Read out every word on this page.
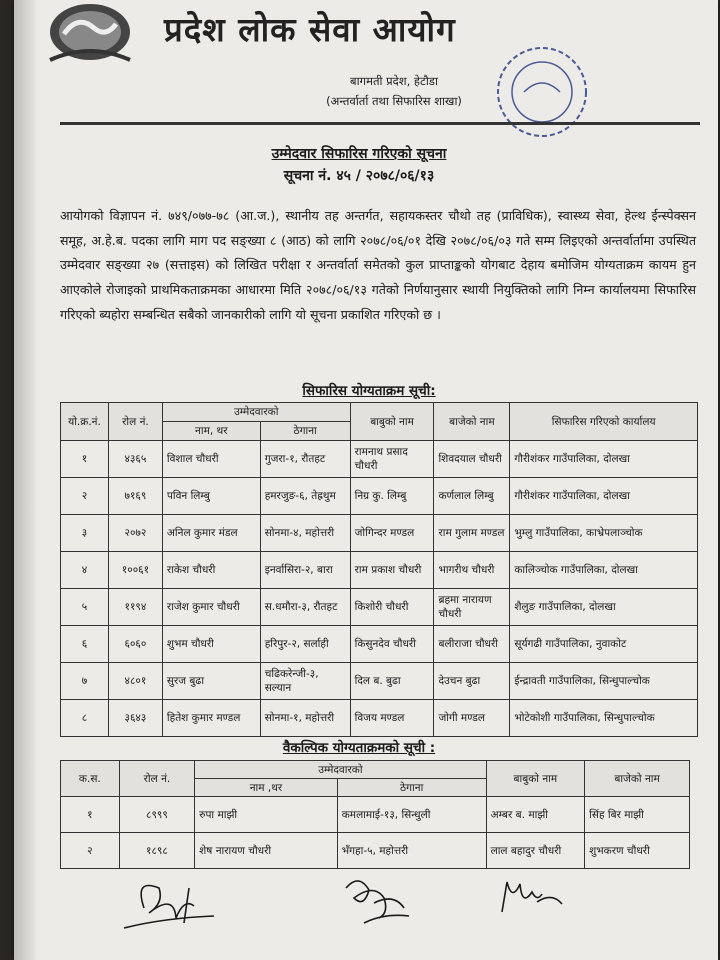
प्रदेश लोक सेवा आयोग
बागमती प्रदेश, हेटौडा
(अन्तर्वार्ता तथा सिफारिस शाखा)
उम्मेदवार सिफारिस गरिएको सूचना
सूचना नं. ४५ / २०७८/०६/१३
आयोगको विज्ञापन नं. ७४९/०७७-७८ (आ.ज.), स्थानीय तह अन्तर्गत, सहायकस्तर चौथो तह (प्राविधिक), स्वास्थ्य सेवा, हेल्थ ईन्स्पेक्सन समूह, अ.हे.ब. पदका लागि माग पद सङ्ख्या ८ (आठ) को लागि २०७८/०६/०१ देखि २०७८/०६/०३ गते सम्म लिइएको अन्तर्वार्तामा उपस्थित उम्मेदवार सङ्ख्या २७ (सत्ताइस) को लिखित परीक्षा र अन्तर्वार्ता समेतको कुल प्राप्ताङ्कको योगबाट देहाय बमोजिम योग्यताक्रम कायम हुन आएकोले रोजाइको प्राथमिकताक्रमका आधारमा मिति २०७८/०६/१३ गतेको निर्णयानुसार स्थायी नियुक्तिको लागि निम्न कार्यालयमा सिफारिस गरिएको ब्यहोरा सम्बन्धित सबैको जानकारीको लागि यो सूचना प्रकाशित गरिएको छ ।
सिफारिस योग्यताक्रम सूची:
यो.क्र.नं.	रोल नं.	उम्मेदवारको		बाबुको नाम	बाजेको नाम	सिफारिस गरिएको कार्यालय
		नाम, थर	ठेगाना			
१	४३६५	विशाल चौधरी	गुजरा-१, रौतहट	रामनाथ प्रसाद चौधरी	शिवदयाल चौधरी	गौरीशंकर गाउँपालिका, दोलखा
२	७१६९	पविन लिम्बु	हमरजुङ-६, तेह्रथुम	निग्र कु. लिम्बु	कर्णलाल लिम्बु	गौरीशंकर गाउँपालिका, दोलखा
३	२०७२	अनिल कुमार मंडल	सोनमा-४, महोत्तरी	जोगिन्दर मण्डल	राम गुलाम मण्डल	भुम्लु गाउँपालिका, काभ्रेपलाञ्चोक
४	१००६१	राकेश चौधरी	इनर्वासिरा-२, बारा	राम प्रकाश चौधरी	भागरीथ चौधरी	कालिञ्चोक गाउँपालिका, दोलखा
५	११९४	राजेश कुमार चौधरी	स.धमौरा-३, रौतहट	किशोरी चौधरी	ब्रहमा नारायण चौधरी	शैलुङ गाउँपालिका, दोलखा
६	६०६०	शुभम चौधरी	हरिपुर-२, सर्लाही	किसुनदेव चौधरी	बलीराजा चौधरी	सूर्यगढी गाउँपालिका, नुवाकोट
७	४८०१	सुरज बुढा	चढिकरेन्जी-३, सल्यान	दिल ब. बुढा	देउचन बुढा	ईन्द्रावती गाउँपालिका, सिन्धुपाल्चोक
८	३६४३	हितेश कुमार मण्डल	सोनमा-१, महोत्तरी	विजय मण्डल	जोगी मण्डल	भोटेकोशी गाउँपालिका, सिन्धुपाल्चोक
वैकल्पिक योग्यताक्रमको सूची :
क.स.	रोल नं.	उम्मेदवारको		बाबुको नाम	बाजेको नाम
		नाम ,थर	ठेगाना		
१	८९९९	रुपा माझी	कमलामाई-१३, सिन्धुली	अम्बर ब. माझी	सिंह बिर माझी
२	१८९८	शेष नारायण चौधरी	भँगहा-५, महोत्तरी	लाल बहादुर चौधरी	शुभकरण चौधरी
